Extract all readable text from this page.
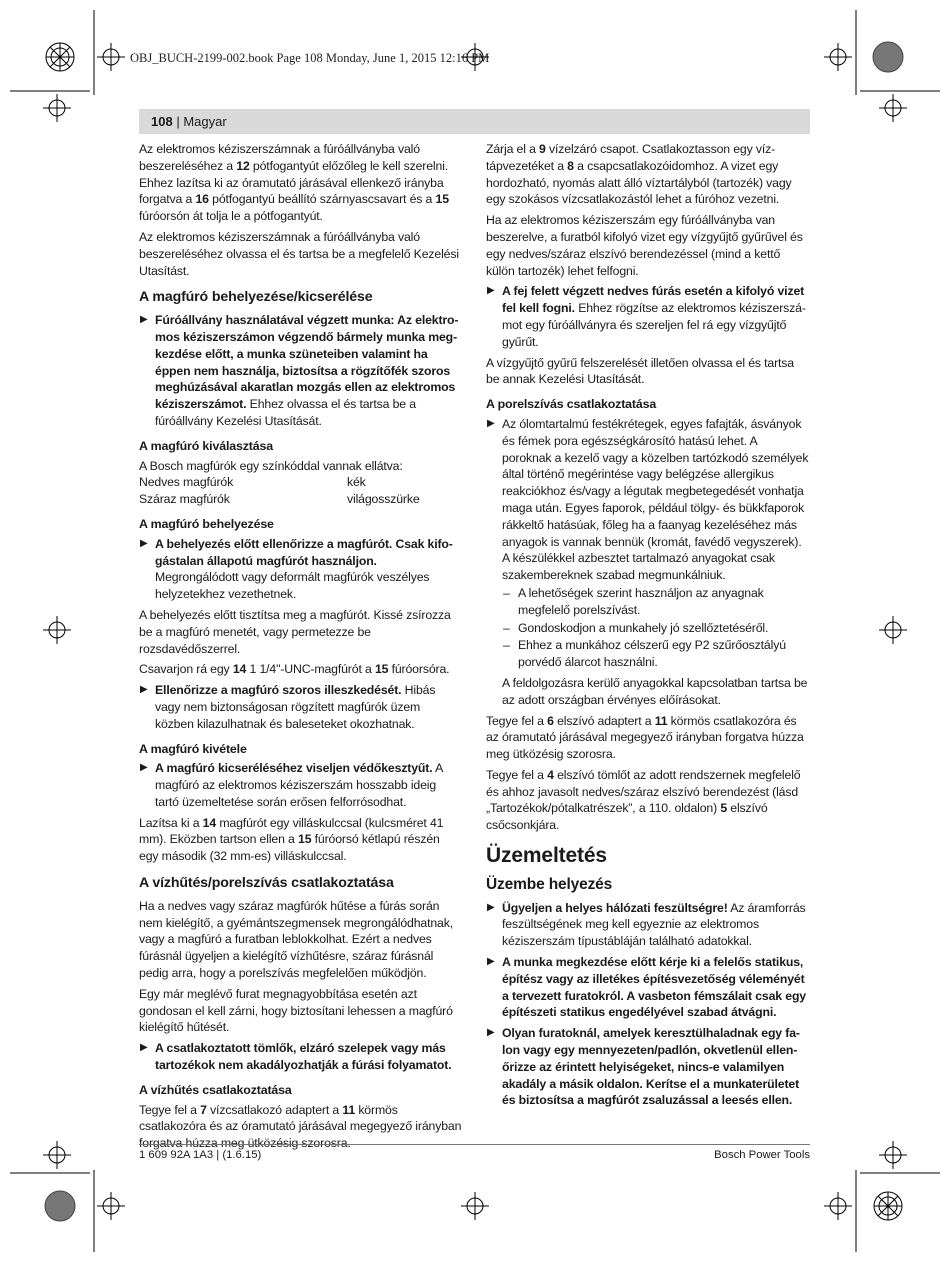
OBJ_BUCH-2199-002.book Page 108 Monday, June 1, 2015 12:16 PM
108 | Magyar

Az elektromos kéziszerszámnak a fúróállványba való beszereléséhez a 12 pótfogantyút előzőleg le kell szerelni. Ehhez lazítsa ki az óramutató járásával ellenkező irányba forgatva a 16 pótfogantyú beállító szárnyascsavart és a 15 fúróorsón át tolja le a pótfogantyút.

Az elektromos kéziszerszámnak a fúróállványba való beszereléséhez olvassa el és tartsa be a megfelelő Kezelési Utasítást.

A magfúró behelyezése/kicserélése
▶ Fúróállvány használatával végzett munka: Az elektromos kéziszerszámon végzendő bármely munka megkezdése előtt, a munka szüneteiben valamint ha éppen nem használja, biztosítsa a rögzítőfék szoros meghúzásával akaratlan mozgás ellen az elektromos kéziszerszámot. Ehhez olvassa el és tartsa be a fúróállvány Kezelési Utasítását.
A magfúró kiválasztása

A Bosch magfúrók egy színkóddal vannak ellátva:

Nedves magfúrók	kék
Száraz magfúrók	világosszürke
A magfúró behelyezése
▶ A behelyezés előtt ellenőrizze a magfúrót. Csak kifogástalan állapotú magfúrót használjon. Megrongálódott vagy deformált magfúrók veszélyes helyzetekhez vezethetnek.

A behelyezés előtt tisztítsa meg a magfúrót. Kissé zsírozza be a magfúró menetét, vagy permetezze be rozsdavédőszerrel.

Csavarjon rá egy 14 1 1/4"-UNC-magfúrót a 15 fúróorsóra.

▶ Ellenőrizze a magfúró szoros illeszkedését. Hibás vagy nem biztonságosan rögzített magfúrók üzem közben kilazulhatnak és baleseteket okozhatnak.
A magfúró kivétele
▶ A magfúró kicseréléséhez viseljen védőkesztyűt. A magfúró az elektromos kéziszerszám hosszabb ideig tartó üzemeltetése során erősen felforrósodhat.

Lazítsa ki a 14 magfúrót egy villáskulccsal (kulcsméret 41 mm). Eközben tartson ellen a 15 fúróorsó kétlapú részén egy második (32 mm-es) villáskulccsal.

A vízhűtés/porelszívás csatlakoztatása

Ha a nedves vagy száraz magfúrók hűtése a fúrás során nem kielégítő, a gyémántszegmensek megrongálódhatnak, vagy a magfúró a furatban leblokkolhat. Ezért a nedves fúrásnál ügyeljen a kielégítő vízhűtésre, száraz fúrásnál pedig arra, hogy a porelszívás megfelelően működjön.

Egy már meglévő furat megnagyobbítása esetén azt gondosan el kell zárni, hogy biztosítani lehessen a magfúró kielégítő hűtését.

▶ A csatlakoztatott tömlők, elzáró szelepek vagy más tartozékok nem akadályozhatják a fúrási folyamatot.
A vízhűtés csatlakoztatása

Tegye fel a 7 vízcsatlakozó adaptert a 11 körmös csatlakozóra és az óramutató járásával megegyező irányban

Zárja el a 9 vízelzáró csapot. Csatlakoztasson egy víz-tápvezetéket a 8 a csapcsatlakozóidomhoz. A vizet egy hordozható, nyomás alatt álló víztartályból (tartozék) vagy egy szokásos vízcsatlakozástól lehet a fúróhoz vezetni.

Ha az elektromos kéziszerszám egy fúróállványba van beszerelve, a furatból kifolyó vizet egy vízgyűjtő gyűrűvel és egy nedves/száraz elszívó berendezéssel (mind a kettő külön tartozék) lehet felfogni.

▶ A fej felett végzett nedves fúrás esetén a kifolyó vizet fel kell fogni. Ehhez rögzítse az elektromos kéziszerszámot egy fúróállványra és szereljen fel rá egy vízgyűjtő gyűrűt.

A vízgyűjtő gyűrű felszerelését illetően olvassa el és tartsa be annak Kezelési Utasítását.

A porelszívás csatlakoztatása
▶ Az ólomtartalmú festékrétegek, egyes fafajták, ásványok és fémek pora egészségkárosító hatású lehet. A poroknak a kezelő vagy a közelben tartózkodó személyek által történő megérintése vagy belégzése allergikus reakciókhoz és/vagy a légutak megbetegedését vonhatja maga után. Egyes faporok, például tölgy- és bükkfaporok rákkeltő hatásúak, főleg ha a faanyag kezeléséhez más anyagok is vannak bennük (kromát, favédő vegyszerek). A készülékkel azbesztet tartalmazó anyagokat csak szakembereknek szabad megmunkálniuk.
– A lehetőségek szerint használjon az anyagnak megfelelő porelszívást.
– Gondoskodjon a munkahely jó szellőztetéséről.
– Ehhez a munkához célszerű egy P2 szűrőosztályú porvédő álarcot használni.

A feldolgozásra kerülő anyagokkal kapcsolatban tartsa be az adott országban érvényes előírásokat.

Tegye fel a 6 elszívó adaptert a 11 körmös csatlakozóra és az óramutató járásával megegyező irányban forgatva húzza meg ütközésig szorosra.

Tegye fel a 4 elszívó tömlőt az adott rendszernek megfelelő és ahhoz javasolt nedves/száraz elszívó berendezést (lásd „Tartozékok/pótalkatrészek”, a 110. oldalon) 5 elszívó csőcsonkjára.

Üzemeltetés
Üzembe helyezés
▶ Ügyeljen a helyes hálózati feszültségre! Az áramforrás feszültségének meg kell egyeznie az elektromos kéziszerszám típustábláján található adatokkal.
▶ A munka megkezdése előtt kérje ki a felelős statikus, építész vagy az illetékes építésvezetőség véleményét a tervezett furatokról. A vasbeton fémszálait csak egy építészeti statikus engedélyével szabad átvágni.
▶ Olyan furatoknál, amelyek keresztülhaladnak egy falon vagy egy mennyezeten/padlón, okvetlenül ellenőrizze az érintett helyiségeket, nincs-e valamilyen akadály a másik oldalon. Kerítse el a munkaterületet és biztosítsa a magfúrót zsaluzással a leesés ellen.
1 609 92A 1A3 | (1.6.15)	Bosch Power Tools
